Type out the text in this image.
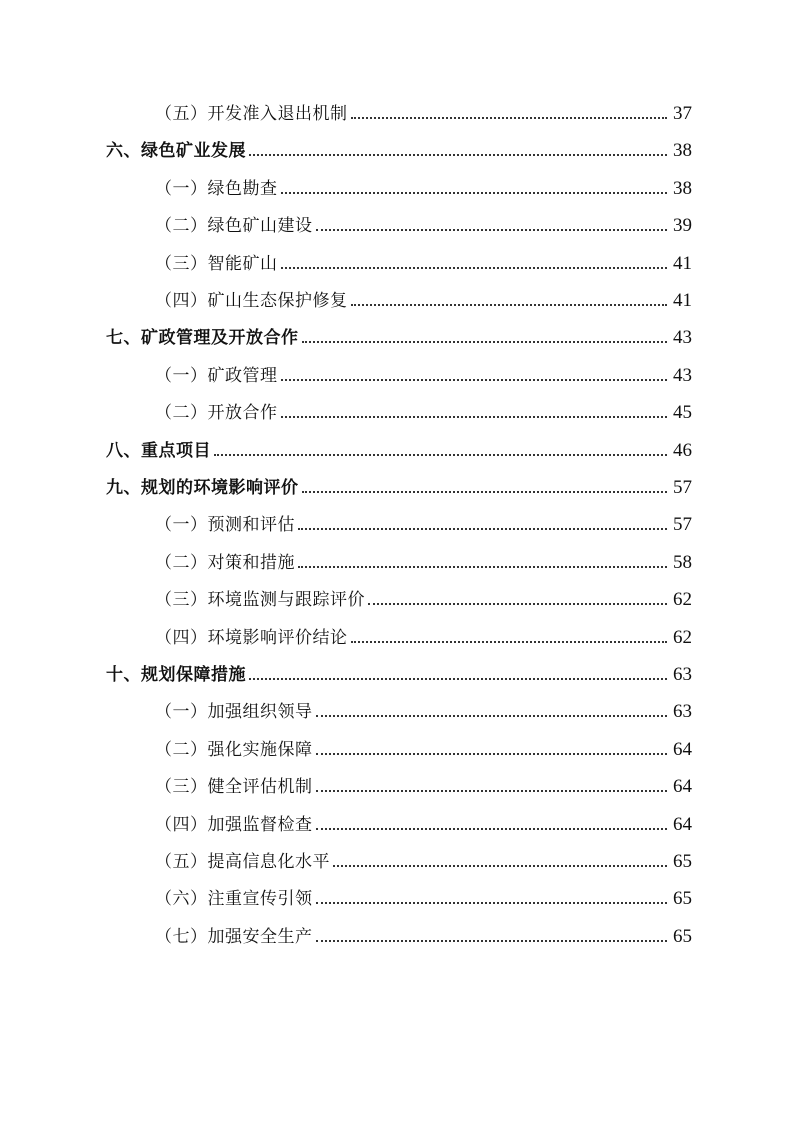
（五）开发准入退出机制	37
六、绿色矿业发展	38
（一）绿色勘查	38
（二）绿色矿山建设	39
（三）智能矿山	41
（四）矿山生态保护修复	41
七、矿政管理及开放合作	43
（一）矿政管理	43
（二）开放合作	45
八、重点项目	46
九、规划的环境影响评价	57
（一）预测和评估	57
（二）对策和措施	58
（三）环境监测与跟踪评价	62
（四）环境影响评价结论	62
十、规划保障措施	63
（一）加强组织领导	63
（二）强化实施保障	64
（三）健全评估机制	64
（四）加强监督检查	64
（五）提高信息化水平	65
（六）注重宣传引领	65
（七）加强安全生产	65
